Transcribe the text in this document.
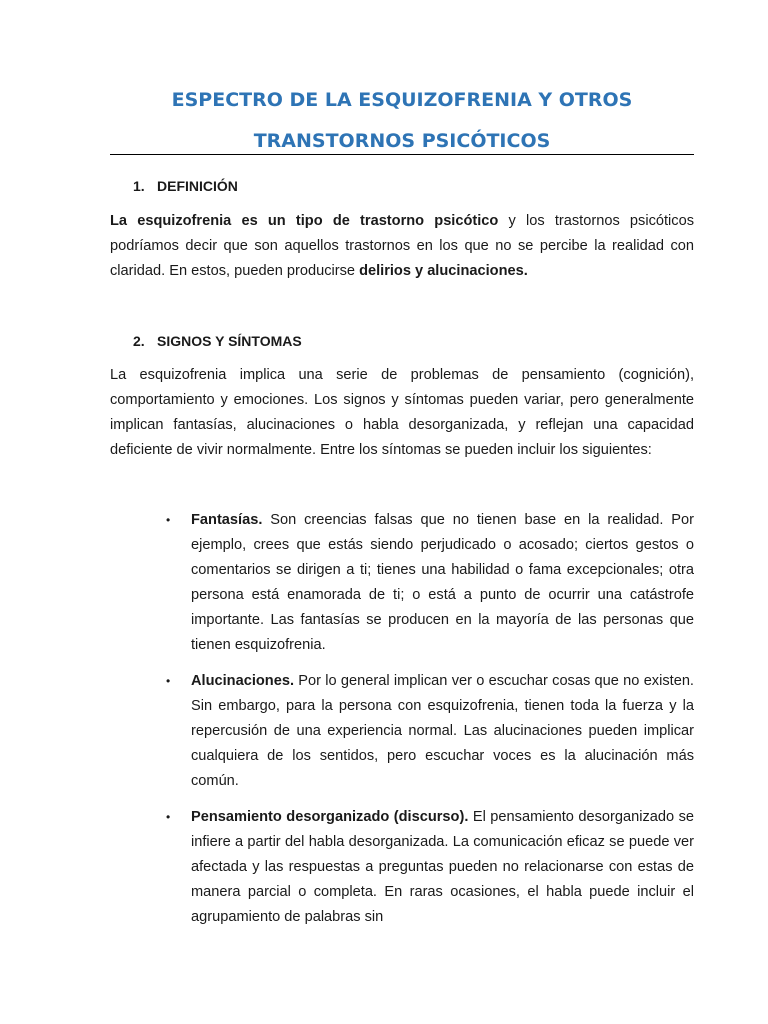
ESPECTRO DE LA ESQUIZOFRENIA Y OTROS
TRANSTORNOS PSICÓTICOS
1. DEFINICIÓN

La esquizofrenia es un tipo de trastorno psicótico y los trastornos psicóticos podríamos decir que son aquellos trastornos en los que no se percibe la realidad con claridad. En estos, pueden producirse delirios y alucinaciones.

2. SIGNOS Y SÍNTOMAS

La esquizofrenia implica una serie de problemas de pensamiento (cognición), comportamiento y emociones. Los signos y síntomas pueden variar, pero generalmente implican fantasías, alucinaciones o habla desorganizada, y reflejan una capacidad deficiente de vivir normalmente. Entre los síntomas se pueden incluir los siguientes:

• Fantasías. Son creencias falsas que no tienen base en la realidad. Por ejemplo, crees que estás siendo perjudicado o acosado; ciertos gestos o comentarios se dirigen a ti; tienes una habilidad o fama excepcionales; otra persona está enamorada de ti; o está a punto de ocurrir una catástrofe importante. Las fantasías se producen en la mayoría de las personas que tienen esquizofrenia.

• Alucinaciones. Por lo general implican ver o escuchar cosas que no existen. Sin embargo, para la persona con esquizofrenia, tienen toda la fuerza y la repercusión de una experiencia normal. Las alucinaciones pueden implicar cualquiera de los sentidos, pero escuchar voces es la alucinación más común.

• Pensamiento desorganizado (discurso). El pensamiento desorganizado se infiere a partir del habla desorganizada. La comunicación eficaz se puede ver afectada y las respuestas a preguntas pueden no relacionarse con estas de manera parcial o completa. En raras ocasiones, el habla puede incluir el agrupamiento de palabras sin
